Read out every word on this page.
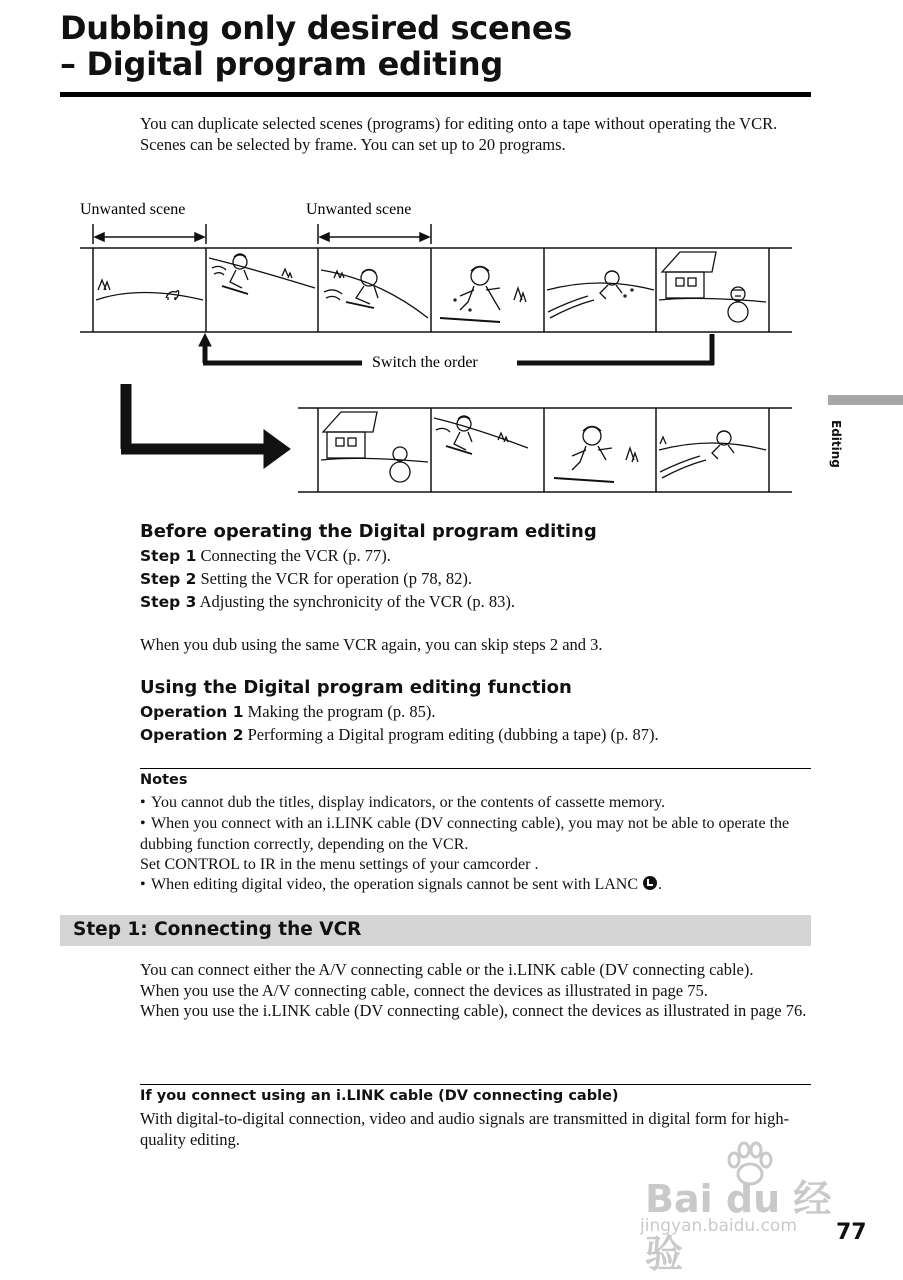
Dubbing only desired scenes
– Digital program editing

You can duplicate selected scenes (programs) for editing onto a tape without operating the VCR.

Scenes can be selected by frame. You can set up to 20 programs.

Unwanted scene	Unwanted scene
Switch the order
Before operating the Digital program editing
Step 1 Connecting the VCR (p. 77).
Step 2 Setting the VCR for operation (p 78, 82).
Step 3 Adjusting the synchronicity of the VCR (p. 83).
When you dub using the same VCR again, you can skip steps 2 and 3.
Using the Digital program editing function
Operation 1 Making the program (p. 85).
Operation 2 Performing a Digital program editing (dubbing a tape) (p. 87).
Notes
• You cannot dub the titles, display indicators, or the contents of cassette memory.
• When you connect with an i.LINK cable (DV connecting cable), you may not be able to operate the dubbing function correctly, depending on the VCR.
Set CONTROL to IR in the menu settings of your camcorder .
• When editing digital video, the operation signals cannot be sent with LANC .
Step 1: Connecting the VCR

You can connect either the A/V connecting cable or the i.LINK cable (DV connecting cable).

When you use the A/V connecting cable, connect the devices as illustrated in page 75.

When you use the i.LINK cable (DV connecting cable), connect the devices as illustrated in page 76.

If you connect using an i.LINK cable (DV connecting cable)
With digital-to-digital connection, video and audio signals are transmitted in digital form for high-quality editing.
Editing
Bai du 经验
jingyan.baidu.com 77
